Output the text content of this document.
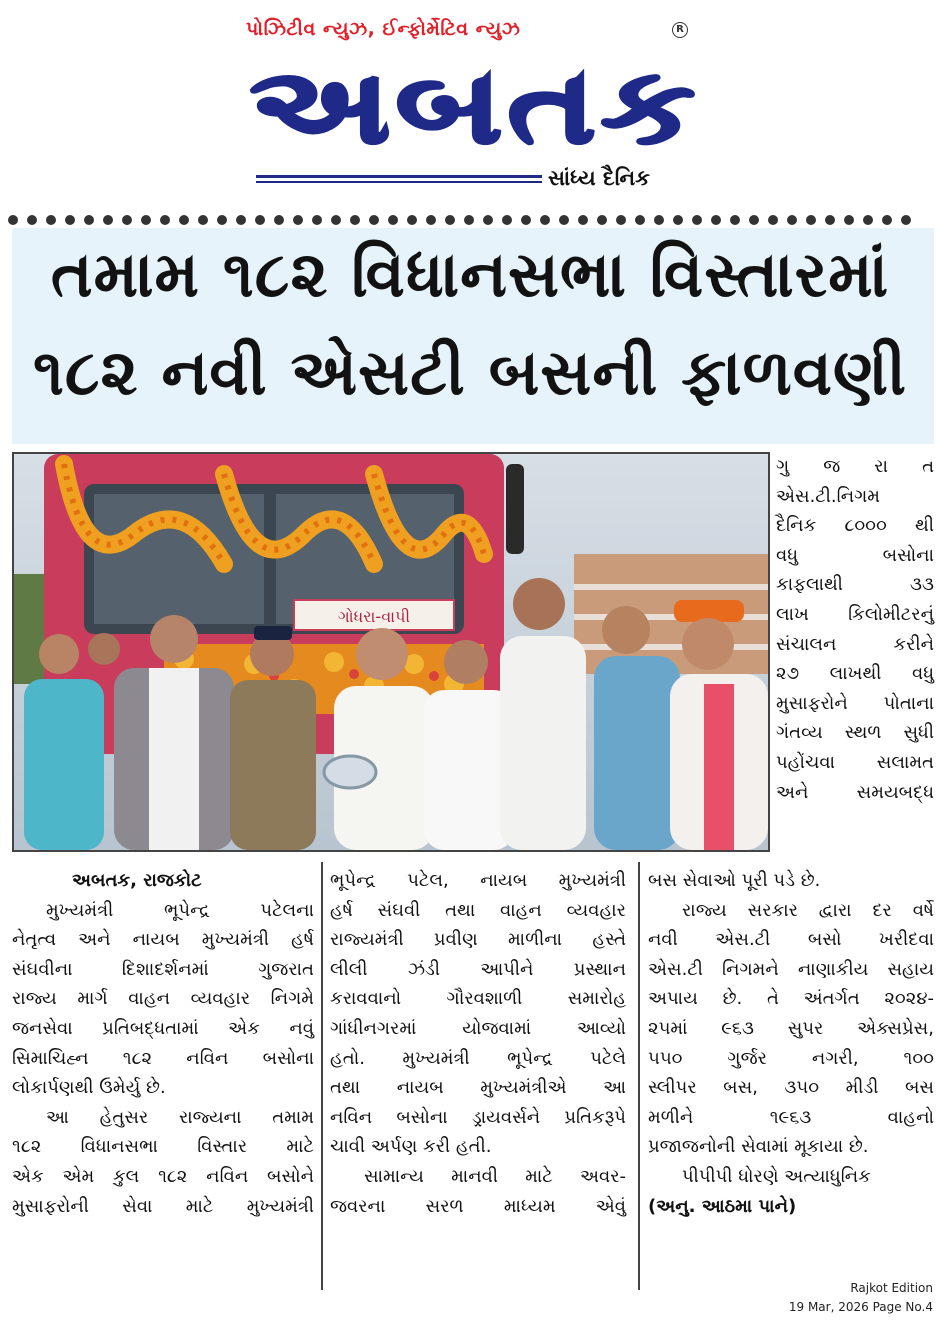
પોઝિટીવ ન્યુઝ, ઈન્ફોર્મેટિવ ન્યુઝ	R
અબતક
સાંધ્ય દૈનિક
તમામ ૧૮૨ વિધાનસભા વિસ્તારમાં
૧૮૨ નવી એસટી બસની ફાળવણી
ગોધરા-વાપી

ગુ જ રા ત

એસ.ટી.નિગમ

દૈનિક ૮૦૦૦ થી

વધુ બસોના

કાફલાથી ૩૩

લાખ કિલોમીટરનું

સંચાલન કરીને

૨૭ લાખથી વધુ

મુસાફરોને પોતાના

ગંતવ્ય સ્થળ સુધી

પહોંચવા સલામત

અને સમયબદ્ધ

અબતક, રાજકોટ

મુખ્યમંત્રી ભૂપેન્દ્ર પટેલના

નેતૃત્વ અને નાયબ મુખ્યમંત્રી હર્ષ

સંઘવીના દિશાદર્શનમાં ગુજરાત

રાજ્ય માર્ગ વાહન વ્યવહાર નિગમે

જનસેવા પ્રતિબદ્ધતામાં એક નવું

સિમાચિહ્ન ૧૮૨ નવિન બસોના

લોકાર્પણથી ઉમેર્યુ છે.

આ હેતુસર રાજ્યના તમામ

૧૮૨ વિધાનસભા વિસ્તાર માટે

એક એમ કુલ ૧૮૨ નવિન બસોને

મુસાફરોની સેવા માટે મુખ્યમંત્રી

ભૂપેન્દ્ર પટેલ, નાયબ મુખ્યમંત્રી

હર્ષ સંઘવી તથા વાહન વ્યવહાર

રાજ્યમંત્રી પ્રવીણ માળીના હસ્તે

લીલી ઝંડી આપીને પ્રસ્થાન

કરાવવાનો ગૌરવશાળી સમારોહ

ગાંધીનગરમાં યોજવામાં આવ્યો

હતો. મુખ્યમંત્રી ભૂપેન્દ્ર પટેલે

તથા નાયબ મુખ્યમંત્રીએ આ

નવિન બસોના ડ્રાયવર્સને પ્રતિકરૂપે

ચાવી અર્પણ કરી હતી.

સામાન્ય માનવી માટે અવર-

જવરના સરળ માધ્યમ એવું

બસ સેવાઓ પૂરી પડે છે.

રાજ્ય સરકાર દ્વારા દર વર્ષે

નવી એસ.ટી બસો ખરીદવા

એસ.ટી નિગમને નાણાકીય સહાય

અપાય છે. તે અંતર્ગત ૨૦૨૪-

૨૫માં ૯૬૩ સુપર એક્સપ્રેસ,

૫૫૦ ગુર્જર નગરી, ૧૦૦

સ્લીપર બસ, ૩૫૦ મીડી બસ

મળીને ૧૯૬૩ વાહનો

પ્રજાજનોની સેવામાં મૂકાયા છે.

પીપીપી ધોરણે અત્યાધુનિક

(અનુ. આઠમા પાને)

Rajkot Edition
19 Mar, 2026 Page No.4
